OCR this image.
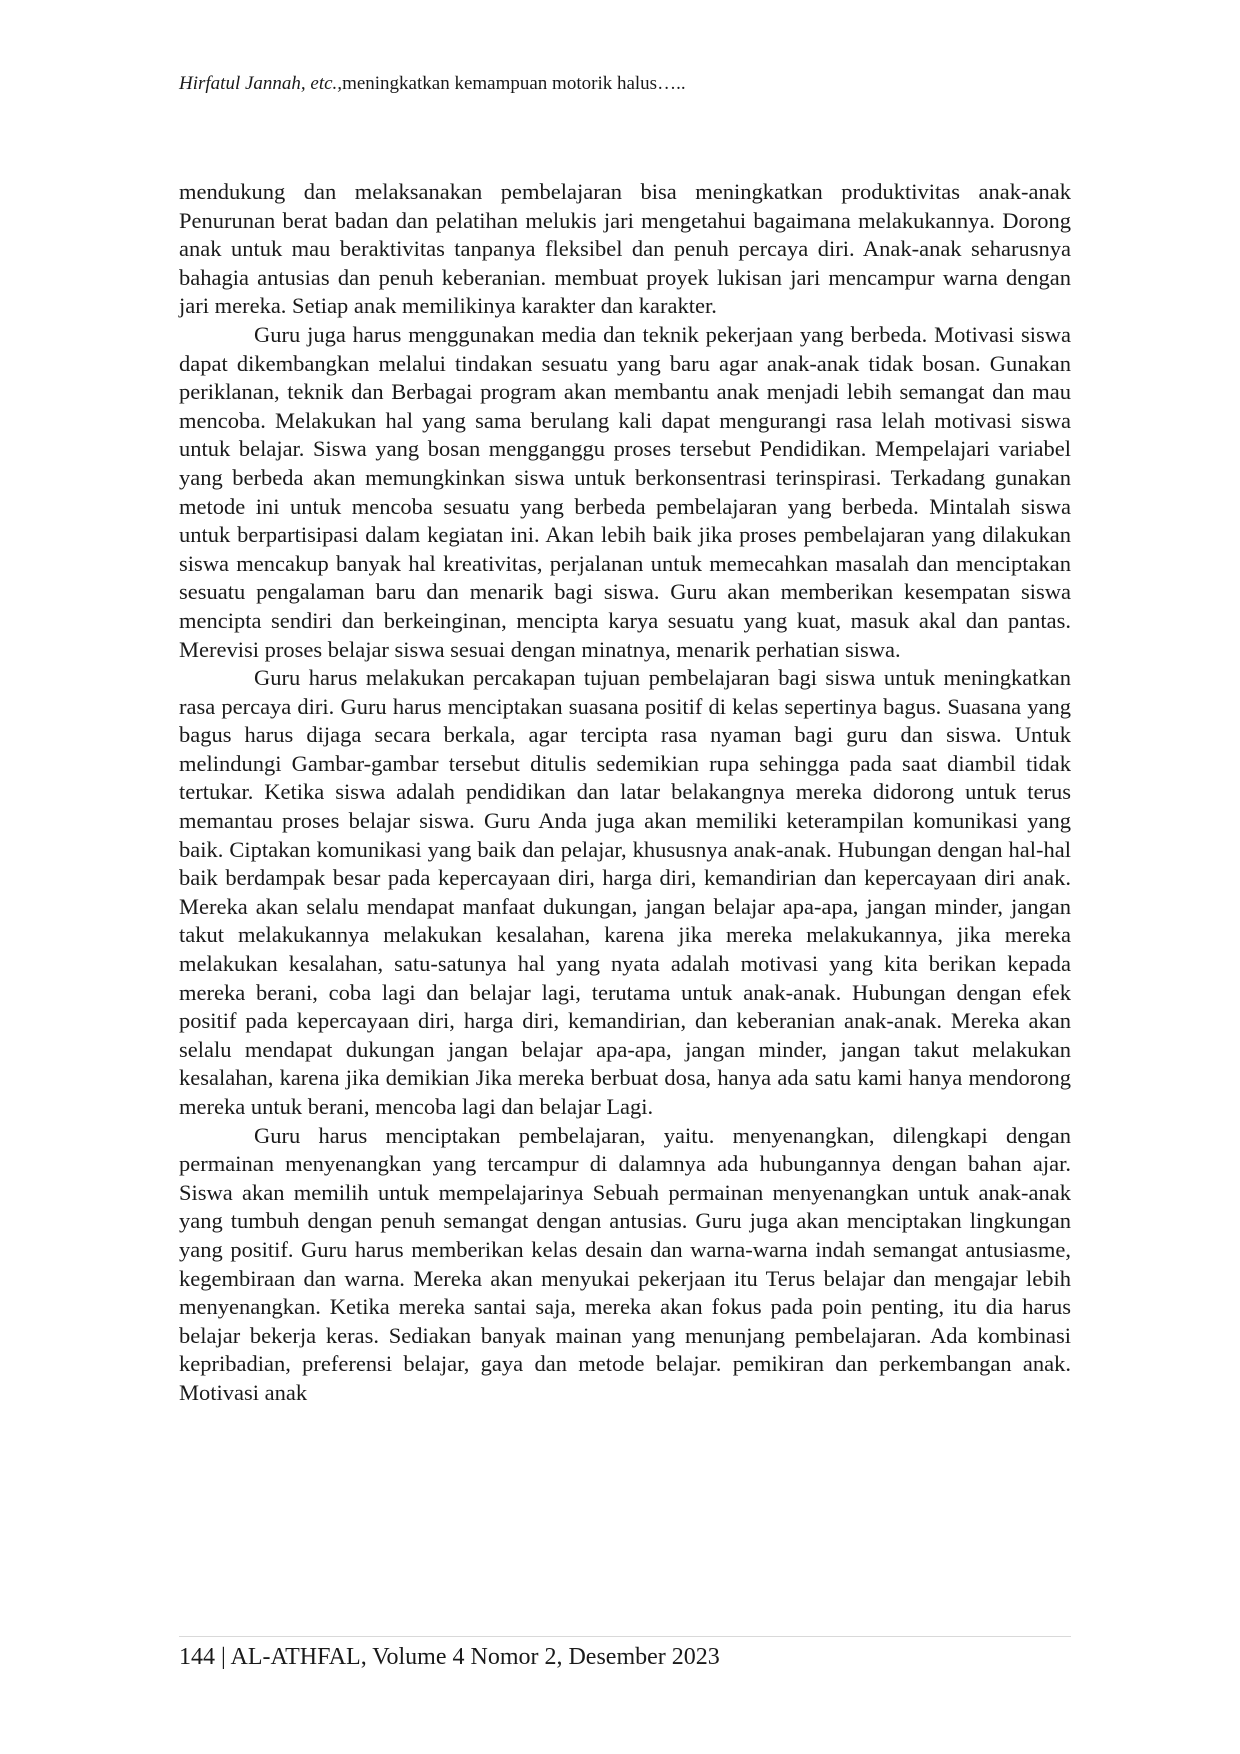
Hirfatul Jannah, etc.,meningkatkan kemampuan motorik halus…..

mendukung dan melaksanakan pembelajaran bisa meningkatkan produktivitas anak-anak Penurunan berat badan dan pelatihan melukis jari mengetahui bagaimana melakukannya. Dorong anak untuk mau beraktivitas tanpanya fleksibel dan penuh percaya diri. Anak-anak seharusnya bahagia antusias dan penuh keberanian. membuat proyek lukisan jari mencampur warna dengan jari mereka. Setiap anak memilikinya karakter dan karakter.

Guru juga harus menggunakan media dan teknik pekerjaan yang berbeda. Motivasi siswa dapat dikembangkan melalui tindakan sesuatu yang baru agar anak-anak tidak bosan. Gunakan periklanan, teknik dan Berbagai program akan membantu anak menjadi lebih semangat dan mau mencoba. Melakukan hal yang sama berulang kali dapat mengurangi rasa lelah motivasi siswa untuk belajar. Siswa yang bosan mengganggu proses tersebut Pendidikan. Mempelajari variabel yang berbeda akan memungkinkan siswa untuk berkonsentrasi terinspirasi. Terkadang gunakan metode ini untuk mencoba sesuatu yang berbeda pembelajaran yang berbeda. Mintalah siswa untuk berpartisipasi dalam kegiatan ini. Akan lebih baik jika proses pembelajaran yang dilakukan siswa mencakup banyak hal kreativitas, perjalanan untuk memecahkan masalah dan menciptakan sesuatu pengalaman baru dan menarik bagi siswa. Guru akan memberikan kesempatan siswa mencipta sendiri dan berkeinginan, mencipta karya sesuatu yang kuat, masuk akal dan pantas. Merevisi proses belajar siswa sesuai dengan minatnya, menarik perhatian siswa.

Guru harus melakukan percakapan tujuan pembelajaran bagi siswa untuk meningkatkan rasa percaya diri. Guru harus menciptakan suasana positif di kelas sepertinya bagus. Suasana yang bagus harus dijaga secara berkala, agar tercipta rasa nyaman bagi guru dan siswa. Untuk melindungi Gambar-gambar tersebut ditulis sedemikian rupa sehingga pada saat diambil tidak tertukar. Ketika siswa adalah pendidikan dan latar belakangnya mereka didorong untuk terus memantau proses belajar siswa. Guru Anda juga akan memiliki keterampilan komunikasi yang baik. Ciptakan komunikasi yang baik dan pelajar, khususnya anak-anak. Hubungan dengan hal-hal baik berdampak besar pada kepercayaan diri, harga diri, kemandirian dan kepercayaan diri anak. Mereka akan selalu mendapat manfaat dukungan, jangan belajar apa-apa, jangan minder, jangan takut melakukannya melakukan kesalahan, karena jika mereka melakukannya, jika mereka melakukan kesalahan, satu-satunya hal yang nyata adalah motivasi yang kita berikan kepada mereka berani, coba lagi dan belajar lagi, terutama untuk anak-anak. Hubungan dengan efek positif pada kepercayaan diri, harga diri, kemandirian, dan keberanian anak-anak. Mereka akan selalu mendapat dukungan jangan belajar apa-apa, jangan minder, jangan takut melakukan kesalahan, karena jika demikian Jika mereka berbuat dosa, hanya ada satu kami hanya mendorong mereka untuk berani, mencoba lagi dan belajar Lagi.

Guru harus menciptakan pembelajaran, yaitu. menyenangkan, dilengkapi dengan permainan menyenangkan yang tercampur di dalamnya ada hubungannya dengan bahan ajar. Siswa akan memilih untuk mempelajarinya Sebuah permainan menyenangkan untuk anak-anak yang tumbuh dengan penuh semangat dengan antusias. Guru juga akan menciptakan lingkungan yang positif. Guru harus memberikan kelas desain dan warna-warna indah semangat antusiasme, kegembiraan dan warna. Mereka akan menyukai pekerjaan itu Terus belajar dan mengajar lebih menyenangkan. Ketika mereka santai saja, mereka akan fokus pada poin penting, itu dia harus belajar bekerja keras. Sediakan banyak mainan yang menunjang pembelajaran. Ada kombinasi kepribadian, preferensi belajar, gaya dan metode belajar. pemikiran dan perkembangan anak. Motivasi anak

144 | AL-ATHFAL, Volume 4 Nomor 2, Desember 2023
